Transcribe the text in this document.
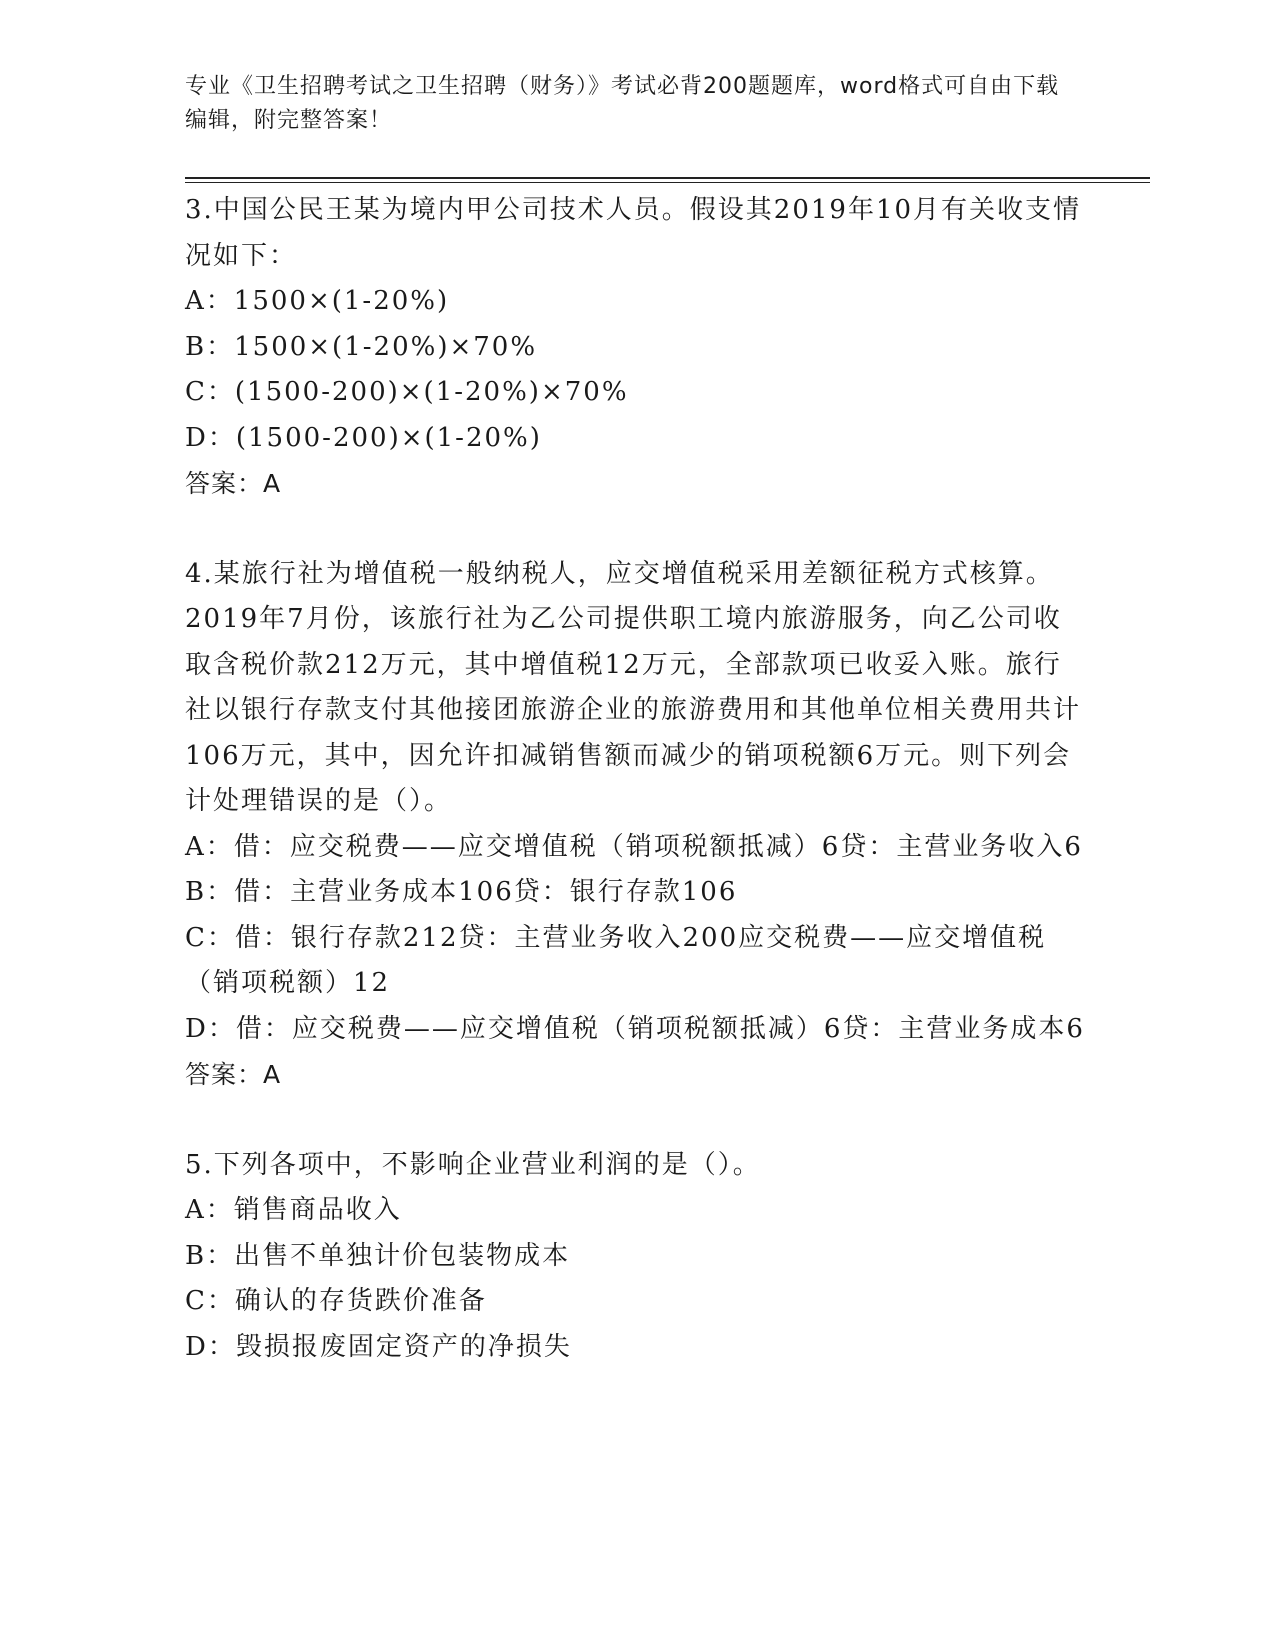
专业《卫生招聘考试之卫生招聘（财务）》考试必背200题题库，word格式可自由下载编辑，附完整答案！

3.中国公民王某为境内甲公司技术人员。假设其2019年10月有关收支情况如下：

A：1500×(1-20%)

B：1500×(1-20%)×70%

C：(1500-200)×(1-20%)×70%

D：(1500-200)×(1-20%)

答案：A

4.某旅行社为增值税一般纳税人，应交增值税采用差额征税方式核算。2019年7月份，该旅行社为乙公司提供职工境内旅游服务，向乙公司收取含税价款212万元，其中增值税12万元，全部款项已收妥入账。旅行社以银行存款支付其他接团旅游企业的旅游费用和其他单位相关费用共计106万元，其中，因允许扣减销售额而减少的销项税额6万元。则下列会计处理错误的是（）。

A：借：应交税费——应交增值税（销项税额抵减）6贷：主营业务收入6

B：借：主营业务成本106贷：银行存款106

C：借：银行存款212贷：主营业务收入200应交税费——应交增值税（销项税额）12

D：借：应交税费——应交增值税（销项税额抵减）6贷：主营业务成本6

答案：A

5.下列各项中，不影响企业营业利润的是（）。

A：销售商品收入

B：出售不单独计价包装物成本

C：确认的存货跌价准备

D：毁损报废固定资产的净损失
